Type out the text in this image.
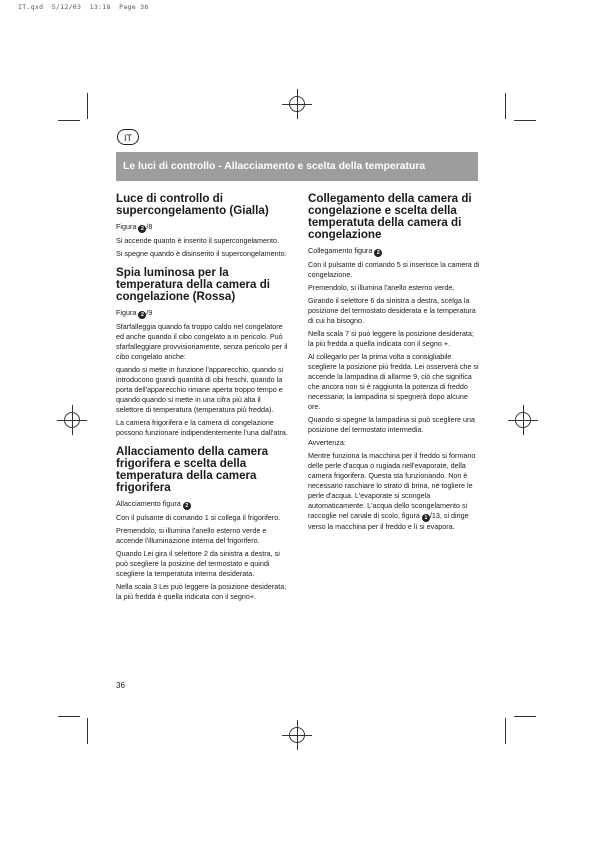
IT.qxd  5/12/03  13:18  Page 36
IT
Le luci di controllo - Allacciamento e scelta della temperatura
Luce di controllo di supercongelamento (Gialla)
Figura 2 /8
Si accende quanto è inserito il supercongelamento.
Si spegne quando è disinserito il supercongelamento.
Spia luminosa per la temperatura della camera di congelazione (Rossa)
Figura 2 /9
Sfarfalleggia quando fa troppo caldo nel congelatore ed anche quando il cibo congelato a in pericolo. Può sfarfalleggiare provvisioriamente, senza pericolo per il cibo congelato anche:
quando si mette in funzione l'apparecchio, quando si introducono grandi quantità di cibi freschi, quando la porta dell'apparecchio rimane aperta troppo tempo e quando quando si mette in una cifra più alta il selettore di temperatura (temperatura più fredda).
La camera frigorifera e la camera di congelazione possono funzionare indipendentemente l'una dall'atra.
Allacciamento della camera frigorifera e scelta della temperatura della camera frigorifera
Allacciamento figura 2
Con il pulsante di comando 1 si collega il frigorifero.
Premendolo, si illumina l'anello esterno verde e accende l'illuminazione interna del frigorifero.
Quando Lei gira il selettore 2 da sinistra a destra, si può scegliere la posizine del termostato e quindi scegliere la temperatuta interna desiderata.
Nella scala 3 Lei può leggere la posizione desiderata; la più fredda è quella indicata con il segno+.
Collegamento della camera di congelazione e scelta della temperatuta della camera di congelazione
Collegamento figura 2
Con il pulsante di comando 5 si inserisce la camera di congelazione.
Premendolo, si illumina l'anello esterno verde.
Girando il selettore 6 da sinistra a destra, scelga la posizione del termostato desiderata e la temperatura di cui ha bisogno.
Nella scala 7 si può leggere la posizione desiderata; la più fredda a quella indicata con il segno +.
Al collegarlo per la prima volta a consigliabile scegliere la posizione più fredda. Lei osserverà che si accende la lampadina di allarme 9, ciò che significa che ancora non si è raggiunta la potenza di freddo necessaria; la lampadina si spegnerà dopo alcune ore.
Quando si spegne la lampadina si può scegliere una posizione del termostato intermedia.
Avvertenza:
Mentre funziona la macchina per il freddo si formano delle perle d'acqua o rugiada nell'evaporate, della camera frigorifera. Questa sta funzionando. Non è necessario raschiare lo strato di brina, né togliere le perle d'acqua. L'evaporate si scongela automaticamente. L'acqua dello scongelamento si raccoglie nel canale di scolo, figura 1 /13, si dirige verso la macchina per il freddo e lì si evapora.
36
